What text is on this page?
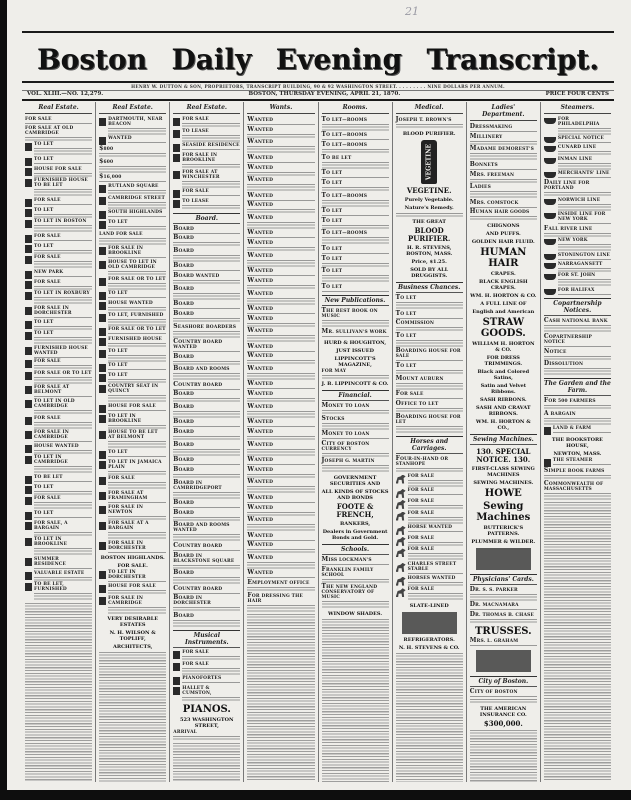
21
Boston Daily Evening Transcript.
HENRY W. DUTTON & SON, PROPRIETORS, TRANSCRIPT BUILDING, 90 & 92 WASHINGTON STREET. . . . . . . . . NINE DOLLARS PER ANNUM.
VOL. XLIII.—NO. 12,279.	BOSTON, THURSDAY EVENING, APRIL 21, 1870.	PRICE FOUR CENTS
Real Estate.
FOR SALE
FOR SALE AT OLD CAMBRIDGE
TO LET
TO LET
HOUSE FOR SALE
FURNISHED HOUSE TO BE LET
FOR SALE
TO LET
TO LET IN BOSTON
FOR SALE
TO LET
FOR SALE
NEW PARK
FOR SALE
TO LET IN ROXBURY
FOR SALE IN DORCHESTER
TO LET
TO LET
FURNISHED HOUSE WANTED
FOR SALE
FOR SALE OR TO LET
FOR SALE AT BELMONT
TO LET IN OLD CAMBRIDGE
FOR SALE
FOR SALE IN CAMBRIDGE
HOUSE WANTED
TO LET IN CAMBRIDGE
TO BE LET
TO LET
FOR SALE
TO LET
FOR SALE, A BARGAIN
TO LET IN BROOKLINE
SUMMER RESIDENCE
VALUABLE ESTATE
TO BE LET, FURNISHED
Real Estate.
DARTMOUTH, NEAR BEACON
WANTED
$800
$600
$16,000
RUTLAND SQUARE
CAMBRIDGE STREET
SOUTH HIGHLANDS
TO LET
LAND FOR SALE
FOR SALE IN BROOKLINE
HOUSE TO LET IN OLD CAMBRIDGE
FOR SALE OR TO LET
TO LET
HOUSE WANTED
TO LET, FURNISHED
FOR SALE OR TO LET
FURNISHED HOUSE
TO LET
TO LET
TO LET
COUNTRY SEAT IN QUINCY
HOUSE FOR SALE
TO LET IN BROOKLINE
HOUSE TO BE LET AT BELMONT
TO LET
TO LET IN JAMAICA PLAIN
FOR SALE
FOR SALE AT FRAMINGHAM
FOR SALE IN NEWTON
FOR SALE AT A BARGAIN
FOR SALE IN DORCHESTER
BOSTON HIGHLANDS.
FOR SALE.
TO LET IN DORCHESTER
HOUSE FOR SALE
FOR SALE IN CAMBRIDGE
VERY DESIRABLE ESTATES
N. H. WILSON & TOPLIFF,
ARCHITECTS,
Real Estate.
FOR SALE
TO LEASE
SEASIDE RESIDENCE
FOR SALE IN BROOKLINE
FOR SALE AT WINCHESTER
FOR SALE
TO LEASE
Board.
BOARD
BOARD
BOARD
BOARD
BOARD WANTED
BOARD
BOARD
BOARD
SEASHORE BOARDERS
COUNTRY BOARD WANTED
BOARD
BOARD AND ROOMS
COUNTRY BOARD
BOARD
BOARD
BOARD
BOARD
BOARD
BOARD
BOARD
BOARD IN CAMBRIDGEPORT
BOARD
BOARD
BOARD AND ROOMS WANTED
COUNTRY BOARD
BOARD IN BLACKSTONE SQUARE
BOARD
COUNTRY BOARD
BOARD IN DORCHESTER
BOARD
Musical Instruments.
FOR SALE
FOR SALE
PIANOFORTES
HALLET & CUMSTON,
PIANOS.
523 WASHINGTON STREET,
ARRIVAL
Wants.
WANTED
WANTED
WANTED
WANTED
WANTED
WANTED
WANTED
WANTED
WANTED
WANTED
WANTED
WANTED
WANTED
WANTED
WANTED
WANTED
WANTED
WANTED
WANTED
WANTED
WANTED
WANTED
WANTED
WANTED
WANTED
WANTED
WANTED
WANTED
WANTED
WANTED
WANTED
WANTED
WANTED
WANTED
WANTED
WANTED
WANTED
EMPLOYMENT OFFICE
FOR DRESSING THE HAIR
Rooms.
TO LET—ROOMS
TO LET—ROOMS
TO LET—ROOMS
TO BE LET
TO LET
TO LET
TO LET—ROOMS
TO LET
TO LET
TO LET—ROOMS
TO LET
TO LET
TO LET
TO LET
New Publications.
THE BEST BOOK ON MUSIC
MR. SULLIVAN'S WORK
HURD & HOUGHTON,
JUST ISSUED
LIPPINCOTT'S MAGAZINE,
FOR MAY
J. B. LIPPINCOTT & CO.
Financial.
MONEY TO LOAN
STOCKS
MONEY TO LOAN
CITY OF BOSTON CURRENCY
JOSEPH G. MARTIN
GOVERNMENT SECURITIES AND
ALL KINDS OF STOCKS AND BONDS
FOOTE & FRENCH,
BANKERS,
Dealers in Government Bonds and Gold.
Schools.
MISS LOCKMAN'S
FRANKLIN FAMILY SCHOOL
THE NEW ENGLAND CONSERVATORY OF MUSIC
WINDOW SHADES.
Medical.
JOSEPH T. BROWN'S
BLOOD PURIFIER.
VEGETINE
VEGETINE.
Purely Vegetable.
Nature's Remedy.
THE GREAT
BLOOD PURIFIER.
H. R. STEVENS, BOSTON, MASS.
Price, $1.25.
SOLD BY ALL DRUGGISTS.
Business Chances.
TO LET
TO LET
COMMISSION
TO LET
BOARDING HOUSE FOR SALE
TO LET
MOUNT AUBURN
FOR SALE
OFFICE TO LET
BOARDING HOUSE FOR LET
Horses and Carriages.
FOUR-IN-HAND OR STANHOPE
FOR SALE
FOR SALE
FOR SALE
FOR SALE
HORSE WANTED
FOR SALE
FOR SALE
CHARLES STREET STABLE
HORSES WANTED
FOR SALE
SLATE-LINED
REFRIGERATORS.
N. H. STEVENS & CO.
Ladies' Department.
DRESSMAKING
MILLINERY
MADAME DEMOREST'S
BONNETS
MRS. FREEMAN
LADIES
MRS. COMSTOCK
HUMAN HAIR GOODS
CHIGNONS
AND PUFFS.
GOLDEN HAIR FLUID.
HUMAN HAIR
CRAPES.
BLACK ENGLISH CRAPES.
WM. H. HORTON & CO.
A FULL LINE OF
English and American
STRAW GOODS.
WILLIAM H. HORTON & CO.
FOR DRESS TRIMMINGS.
Black and Colored Satins,
Satin and Velvet Ribbons.
SASH RIBBONS.
SASH AND CRAVAT RIBBONS.
WM. H. HORTON & CO.,
Sewing Machines.
130. SPECIAL NOTICE. 130.
FIRST-CLASS SEWING MACHINES
SEWING MACHINES.
HOWE
Sewing Machines
BUTTERICK'S PATTERNS.
PLUMMER & WILDER.
Physicians' Cards.
DR. S. S. PARKER
DR. MACNAMARA
DR. THOMAS B. CHASE
TRUSSES.
MRS. L. GRAHAM
City of Boston.
CITY OF BOSTON
THE AMERICAN INSURANCE CO.
$300,000.
Steamers.
FOR PHILADELPHIA
SPECIAL NOTICE
CUNARD LINE
INMAN LINE
MERCHANTS' LINE
DAILY LINE FOR PORTLAND
NORWICH LINE
INSIDE LINE FOR NEW YORK
FALL RIVER LINE
NEW YORK
STONINGTON LINE
NARRAGANSETT
FOR ST. JOHN
FOR HALIFAX
Copartnership Notices.
CASH NATIONAL BANK
COPARTNERSHIP NOTICE
NOTICE
DISSOLUTION
The Garden and the Farm.
FOR 500 FARMERS
A BARGAIN
LAND & FARM
THE BOOKSTORE HOUSE,
NEWTON, MASS.
THE STEAMER
SIMPLE BOOK FARMS
COMMONWEALTH OF MASSACHUSETTS
